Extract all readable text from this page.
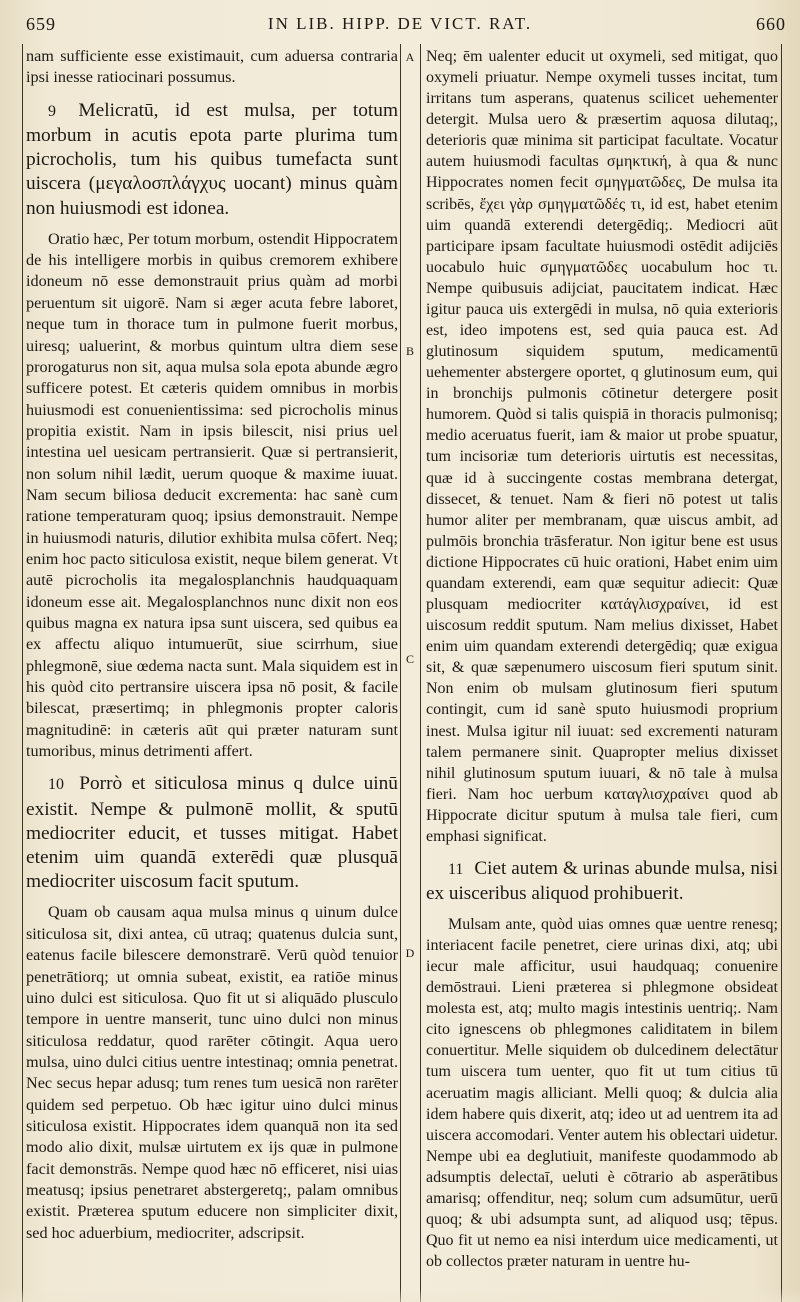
659	IN LIB. HIPP. DE VICT. RAT.	660
A
B
C
D

nam sufficiente esse existimauit, cum aduersa contraria ipsi inesse ratiocinari possumus.

9 Melicratū, id est mulsa, per totum morbum in acutis epota parte plurima tum picrocholis, tum his quibus tumefacta sunt uiscera (μεγαλοσπλάγχυς uocant) minus quàm non huiusmodi est idonea.

Oratio hæc, Per totum morbum, ostendit Hippocratem de his intelligere morbis in quibus cremorem exhibere idoneum nō esse demonstrauit prius quàm ad morbi peruentum sit uigorē. Nam si æger acuta febre laboret, neque tum in thorace tum in pulmone fuerit morbus, uiresq; ualuerint, & morbus quintum ultra diem sese prorogaturus non sit, aqua mulsa sola epota abunde ægro sufficere potest. Et cæteris quidem omnibus in morbis huiusmodi est conuenientissima: sed picrocholis minus propitia existit. Nam in ipsis bilescit, nisi prius uel intestina uel uesicam pertransierit. Quæ si pertransierit, non solum nihil lædit, uerum quoque & maxime iuuat. Nam secum biliosa deducit excrementa: hac sanè cum ratione temperaturam quoq; ipsius demonstrauit. Nempe in huiusmodi naturis, dilutior exhibita mulsa cōfert. Neq; enim hoc pacto siticulosa existit, neque bilem generat. Vt autē picrocholis ita megalosplanchnis haudquaquam idoneum esse ait. Megalosplanchnos nunc dixit non eos quibus magna ex natura ipsa sunt uiscera, sed quibus ea ex affectu aliquo intumuerūt, siue scirrhum, siue phlegmonē, siue œdema nacta sunt. Mala siquidem est in his quòd cito pertransire uiscera ipsa nō posit, & facile bilescat, præsertimq; in phlegmonis propter caloris magnitudinē: in cæteris aūt qui præter naturam sunt tumoribus, minus detrimenti affert.

10 Porrò et siticulosa minus q dulce uinū existit. Nempe & pulmonē mollit, & sputū mediocriter educit, et tusses mitigat. Habet etenim uim quandā exterēdi quæ plusquā mediocriter uiscosum facit sputum.

Quam ob causam aqua mulsa minus q uinum dulce siticulosa sit, dixi antea, cū utraq; quatenus dulcia sunt, eatenus facile bilescere demonstrarē. Verū quòd tenuior penetrātiorq; ut omnia subeat, existit, ea ratiōe minus uino dulci est siticulosa. Quo fit ut si aliquādo plusculo tempore in uentre manserit, tunc uino dulci non minus siticulosa reddatur, quod rarēter cōtingit. Aqua uero mulsa, uino dulci citius uentre intestinaq; omnia penetrat. Nec secus hepar adusq; tum renes tum uesicā non rarēter quidem sed perpetuo. Ob hæc igitur uino dulci minus siticulosa existit. Hippocrates idem quanquā non ita sed modo alio dixit, mulsæ uirtutem ex ijs quæ in pulmone facit demonstrās. Nempe quod hæc nō efficeret, nisi uias meatusq; ipsius penetraret abstergeretq;, palam omnibus existit. Præterea sputum educere non simpliciter dixit, sed hoc aduerbium, mediocriter, adscripsit.

Neq; ēm ualenter educit ut oxymeli, sed mitigat, quo oxymeli priuatur. Nempe oxymeli tusses incitat, tum irritans tum asperans, quatenus scilicet uehementer detergit. Mulsa uero & præsertim aquosa dilutaq;, deterioris quæ minima sit participat facultate. Vocatur autem huiusmodi facultas σμηκτική, à qua & nunc Hippocrates nomen fecit σμηγματῶδες, De mulsa ita scribēs, ἔχει γὰρ σμηγματῶδές τι, id est, habet etenim uim quandā exterendi detergēdiq;. Mediocri aūt participare ipsam facultate huiusmodi ostēdit adijciēs uocabulo huic σμηγματῶδες uocabulum hoc τι. Nempe quibusuis adijciat, paucitatem indicat. Hæc igitur pauca uis extergēdi in mulsa, nō quia exterioris est, ideo impotens est, sed quia pauca est. Ad glutinosum siquidem sputum, medicamentū uehementer abstergere oportet, q glutinosum eum, qui in bronchijs pulmonis cōtinetur detergere posit humorem. Quòd si talis quispiā in thoracis pulmonisq; medio aceruatus fuerit, iam & maior ut probe spuatur, tum incisoriæ tum deterioris uirtutis est necessitas, quæ id à succingente costas membrana detergat, dissecet, & tenuet. Nam & fieri nō potest ut talis humor aliter per membranam, quæ uiscus ambit, ad pulmōis bronchia trāsferatur. Non igitur bene est usus dictione Hippocrates cū huic orationi, Habet enim uim quandam exterendi, eam quæ sequitur adiecit: Quæ plusquam mediocriter κατάγλισχραίνει, id est uiscosum reddit sputum. Nam melius dixisset, Habet enim uim quandam exterendi detergēdiq; quæ exigua sit, & quæ sæpenumero uiscosum fieri sputum sinit. Non enim ob mulsam glutinosum fieri sputum contingit, cum id sanè sputo huiusmodi proprium inest. Mulsa igitur nil iuuat: sed excrementi naturam talem permanere sinit. Quapropter melius dixisset nihil glutinosum sputum iuuari, & nō tale à mulsa fieri. Nam hoc uerbum καταγλισχραίνει quod ab Hippocrate dicitur sputum à mulsa tale fieri, cum emphasi significat.

11 Ciet autem & urinas abunde mulsa, nisi ex uisceribus aliquod prohibuerit.

Mulsam ante, quòd uias omnes quæ uentre renesq; interiacent facile penetret, ciere urinas dixi, atq; ubi iecur male afficitur, usui haudquaq; conuenire demōstraui. Lieni præterea si phlegmone obsideat molesta est, atq; multo magis intestinis uentriq;. Nam cito ignescens ob phlegmones caliditatem in bilem conuertitur. Melle siquidem ob dulcedinem delectātur tum uiscera tum uenter, quo fit ut tum citius tū aceruatim magis alliciant. Melli quoq; & dulcia alia idem habere quis dixerit, atq; ideo ut ad uentrem ita ad uiscera accomodari. Venter autem his oblectari uidetur. Nempe ubi ea deglutiuit, manifeste quodammodo ab adsumptis delectaī, ueluti è cōtrario ab asperātibus amarisq; offenditur, neq; solum cum adsumūtur, uerū quoq; & ubi adsumpta sunt, ad aliquod usq; tēpus. Quo fit ut nemo ea nisi interdum uice medicamenti, ut ob collectos præter naturam in uentre hu-
